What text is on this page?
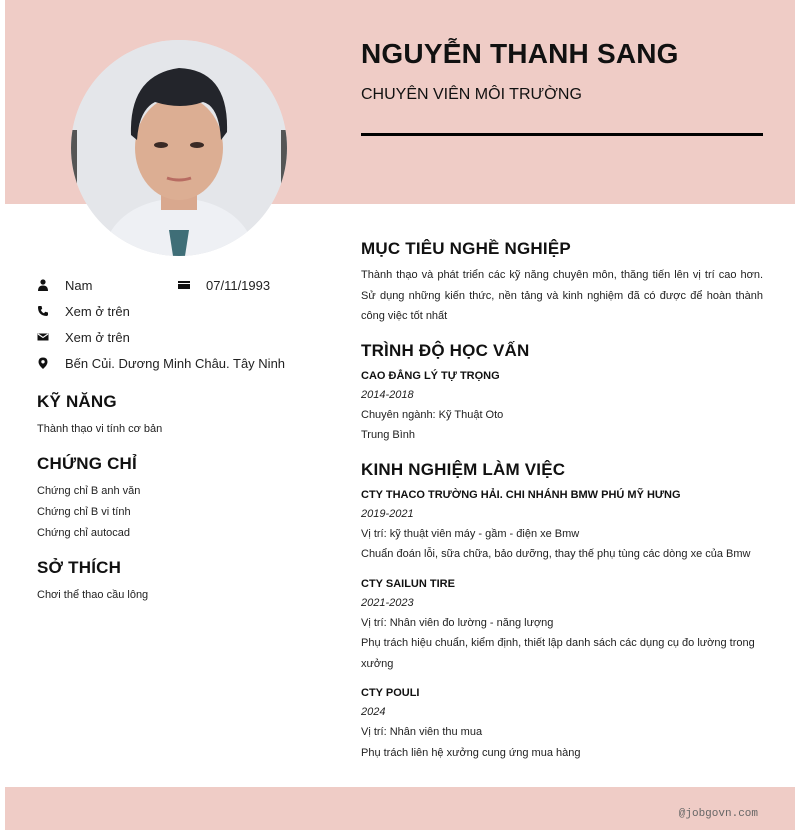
NGUYỄN THANH SANG
CHUYÊN VIÊN MÔI TRƯỜNG
Nam	07/11/1993
Xem ở trên
Xem ở trên
Bến Củi. Dương Minh Châu. Tây Ninh
KỸ NĂNG
Thành thạo vi tính cơ bản
CHỨNG CHỈ
Chứng chỉ B anh văn
Chứng chỉ B vi tính
Chứng chỉ autocad
SỞ THÍCH
Chơi thể thao cầu lông
MỤC TIÊU NGHỀ NGHIỆP
Thành thạo và phát triển các kỹ năng chuyên môn, thăng tiến lên vị trí cao hơn. Sử dụng những kiến thức, nền tảng và kinh nghiệm đã có được để hoàn thành công việc tốt nhất
TRÌNH ĐỘ HỌC VẤN
CAO ĐẲNG LÝ TỰ TRỌNG
2014-2018
Chuyên ngành: Kỹ Thuật Oto
Trung Bình
KINH NGHIỆM LÀM VIỆC
CTY THACO TRƯỜNG HẢI. CHI NHÁNH BMW PHÚ MỸ HƯNG
2019-2021
Vị trí: kỹ thuật viên máy - gầm - điện xe Bmw
Chuẩn đoán lỗi, sữa chữa, bảo dưỡng, thay thế phụ tùng các dòng xe của Bmw
CTY SAILUN TIRE
2021-2023
Vị trí: Nhân viên đo lường - năng lượng
Phụ trách hiệu chuẩn, kiểm định, thiết lập danh sách các dụng cụ đo lường trong xưởng
CTY POULI
2024
Vị trí: Nhân viên thu mua
Phụ trách liên hệ xưởng cung ứng mua hàng
@jobgovn.com
